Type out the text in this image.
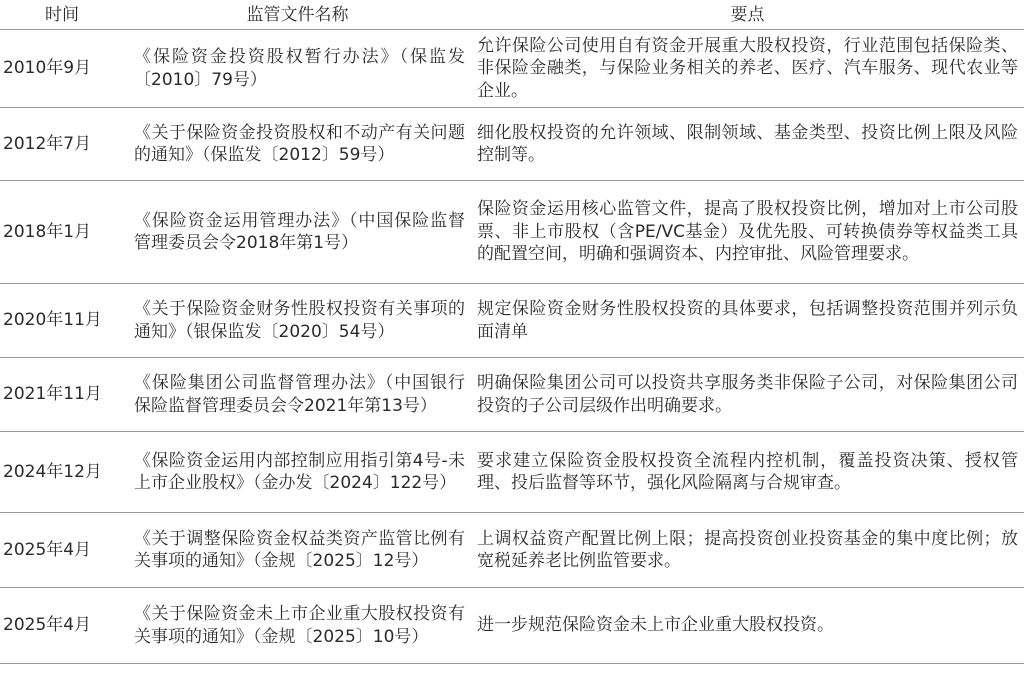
时间	监管文件名称	要点
2010年9月	《保险资金投资股权暂行办法》（保监发〔2010〕79号）	允许保险公司使用自有资金开展重大股权投资，行业范围包括保险类、非保险金融类，与保险业务相关的养老、医疗、汽车服务、现代农业等企业。
2012年7月	《关于保险资金投资股权和不动产有关问题的通知》（保监发〔2012〕59号）	细化股权投资的允许领域、限制领域、基金类型、投资比例上限及风险控制等。
2018年1月	《保险资金运用管理办法》（中国保险监督管理委员会令2018年第1号）	保险资金运用核心监管文件，提高了股权投资比例，增加对上市公司股票、非上市股权（含PE/VC基金）及优先股、可转换债券等权益类工具的配置空间，明确和强调资本、内控审批、风险管理要求。
2020年11月	《关于保险资金财务性股权投资有关事项的通知》（银保监发〔2020〕54号）	规定保险资金财务性股权投资的具体要求，包括调整投资范围并列示负面清单
2021年11月	《保险集团公司监督管理办法》（中国银行保险监督管理委员会令2021年第13号）	明确保险集团公司可以投资共享服务类非保险子公司，对保险集团公司投资的子公司层级作出明确要求。
2024年12月	《保险资金运用内部控制应用指引第4号-未上市企业股权》（金办发〔2024〕122号）	要求建立保险资金股权投资全流程内控机制，覆盖投资决策、授权管理、投后监督等环节，强化风险隔离与合规审查。
2025年4月	《关于调整保险资金权益类资产监管比例有关事项的通知》（金规〔2025〕12号）	上调权益资产配置比例上限；提高投资创业投资基金的集中度比例；放宽税延养老比例监管要求。
2025年4月	《关于保险资金未上市企业重大股权投资有关事项的通知》（金规〔2025〕10号）	进一步规范保险资金未上市企业重大股权投资。
